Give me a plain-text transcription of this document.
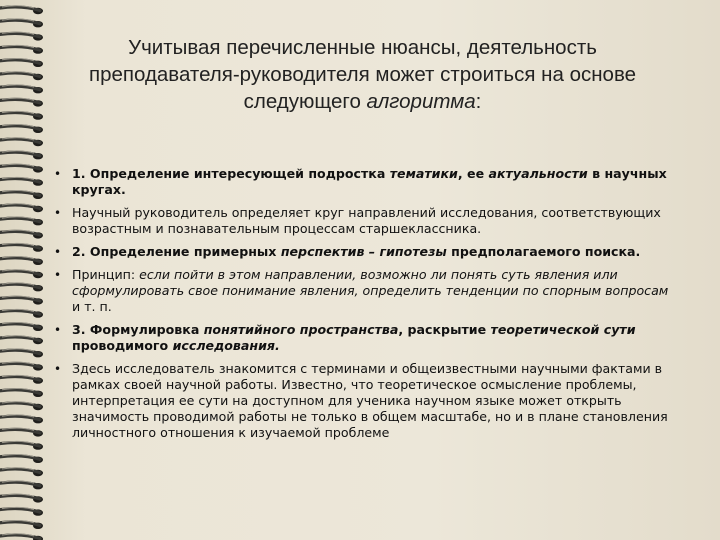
Учитывая перечисленные нюансы, деятельность преподавателя-руководителя может строиться на основе следующего алгоритма:
• 1. Определение интересующей подростка тематики, ее актуальности в научных кругах.
• Научный руководитель определяет круг направлений исследования, соответствующих возрастным и познавательным процессам старшеклассника.
• 2. Определение примерных перспектив – гипотезы предполагаемого поиска.
• Принцип: если пойти в этом направлении, возможно ли понять суть явления или сформулировать свое понимание явления, определить тенденции по спорным вопросам и т. п.
• 3. Формулировка понятийного пространства, раскрытие теоретической сути проводимого исследования.
• Здесь исследователь знакомится с терминами и общеизвестными научными фактами в рамках своей научной работы. Известно, что теоретическое осмысление проблемы, интерпретация ее сути на доступном для ученика научном языке может открыть значимость проводимой работы не только в общем масштабе, но и в плане становления личностного отношения к изучаемой проблеме
